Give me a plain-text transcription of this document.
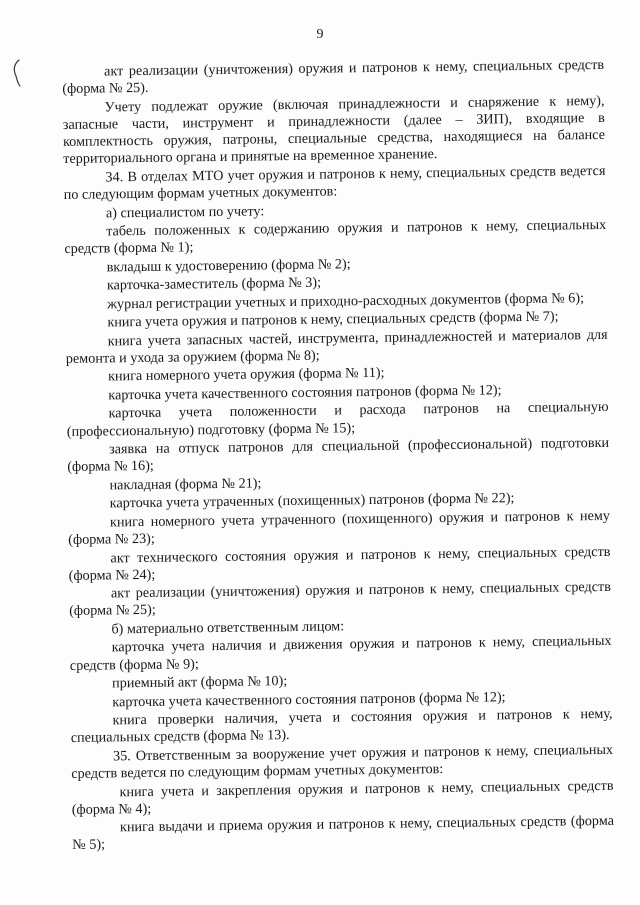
9

акт реализации (уничтожения) оружия и патронов к нему, специальных средств (форма № 25).

Учету подлежат оружие (включая принадлежности и снаряжение к нему), запасные части, инструмент и принадлежности (далее – ЗИП), входящие в комплектность оружия, патроны, специальные средства, находящиеся на балансе территориального органа и принятые на временное хранение.

34. В отделах МТО учет оружия и патронов к нему, специальных средств ведется по следующим формам учетных документов:

а) специалистом по учету:

табель положенных к содержанию оружия и патронов к нему, специальных средств (форма № 1);

вкладыш к удостоверению (форма № 2);

карточка-заместитель (форма № 3);

журнал регистрации учетных и приходно-расходных документов (форма № 6);

книга учета оружия и патронов к нему, специальных средств (форма № 7);

книга учета запасных частей, инструмента, принадлежностей и материалов для ремонта и ухода за оружием (форма № 8);

книга номерного учета оружия (форма № 11);

карточка учета качественного состояния патронов (форма № 12);

карточка учета положенности и расхода патронов на специальную (профессиональную) подготовку (форма № 15);

заявка на отпуск патронов для специальной (профессиональной) подготовки (форма № 16);

накладная (форма № 21);

карточка учета утраченных (похищенных) патронов (форма № 22);

книга номерного учета утраченного (похищенного) оружия и патронов к нему (форма № 23);

акт технического состояния оружия и патронов к нему, специальных средств (форма № 24);

акт реализации (уничтожения) оружия и патронов к нему, специальных средств (форма № 25);

б) материально ответственным лицом:

карточка учета наличия и движения оружия и патронов к нему, специальных средств (форма № 9);

приемный акт (форма № 10);

карточка учета качественного состояния патронов (форма № 12);

книга проверки наличия, учета и состояния оружия и патронов к нему, специальных средств (форма № 13).

35. Ответственным за вооружение учет оружия и патронов к нему, специальных средств ведется по следующим формам учетных документов:

книга учета и закрепления оружия и патронов к нему, специальных средств (форма № 4);

книга выдачи и приема оружия и патронов к нему, специальных средств (форма № 5);
